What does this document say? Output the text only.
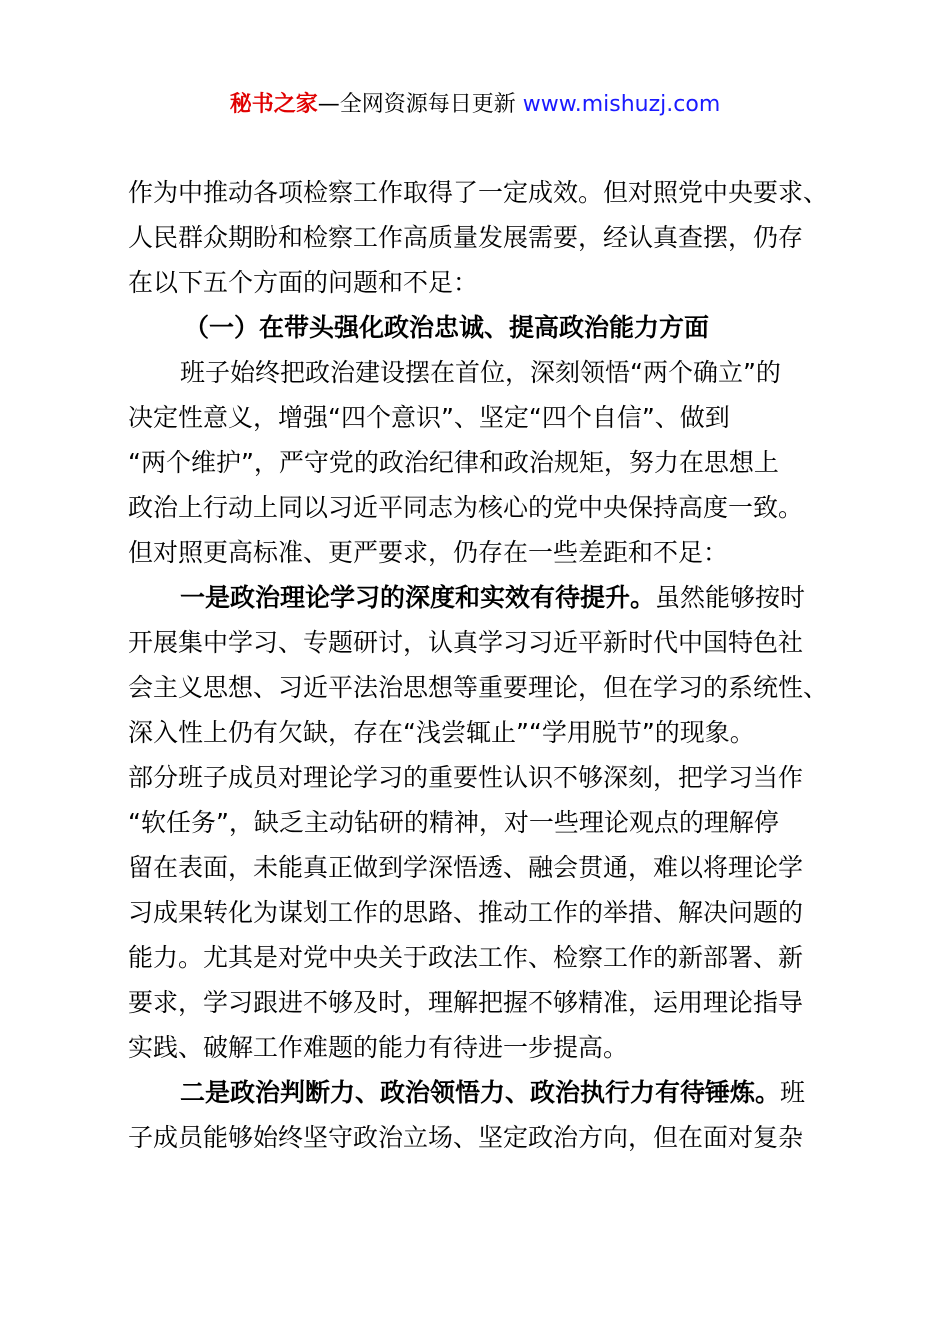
秘书之家—全网资源每日更新 www.mishuzj.com
作为中推动各项检察工作取得了一定成效。但对照党中央要求、
人民群众期盼和检察工作高质量发展需要，经认真查摆，仍存
在以下五个方面的问题和不足：
（一）在带头强化政治忠诚、提高政治能力方面
班子始终把政治建设摆在首位，深刻领悟“两个确立”的
决定性意义，增强“四个意识”、坚定“四个自信”、做到
“两个维护”，严守党的政治纪律和政治规矩，努力在思想上
政治上行动上同以习近平同志为核心的党中央保持高度一致。
但对照更高标准、更严要求，仍存在一些差距和不足：
一是政治理论学习的深度和实效有待提升。虽然能够按时
开展集中学习、专题研讨，认真学习习近平新时代中国特色社
会主义思想、习近平法治思想等重要理论，但在学习的系统性、
深入性上仍有欠缺，存在“浅尝辄止”“学用脱节”的现象。
部分班子成员对理论学习的重要性认识不够深刻，把学习当作
“软任务”，缺乏主动钻研的精神，对一些理论观点的理解停
留在表面，未能真正做到学深悟透、融会贯通，难以将理论学
习成果转化为谋划工作的思路、推动工作的举措、解决问题的
能力。尤其是对党中央关于政法工作、检察工作的新部署、新
要求，学习跟进不够及时，理解把握不够精准，运用理论指导
实践、破解工作难题的能力有待进一步提高。
二是政治判断力、政治领悟力、政治执行力有待锤炼。班
子成员能够始终坚守政治立场、坚定政治方向，但在面对复杂
